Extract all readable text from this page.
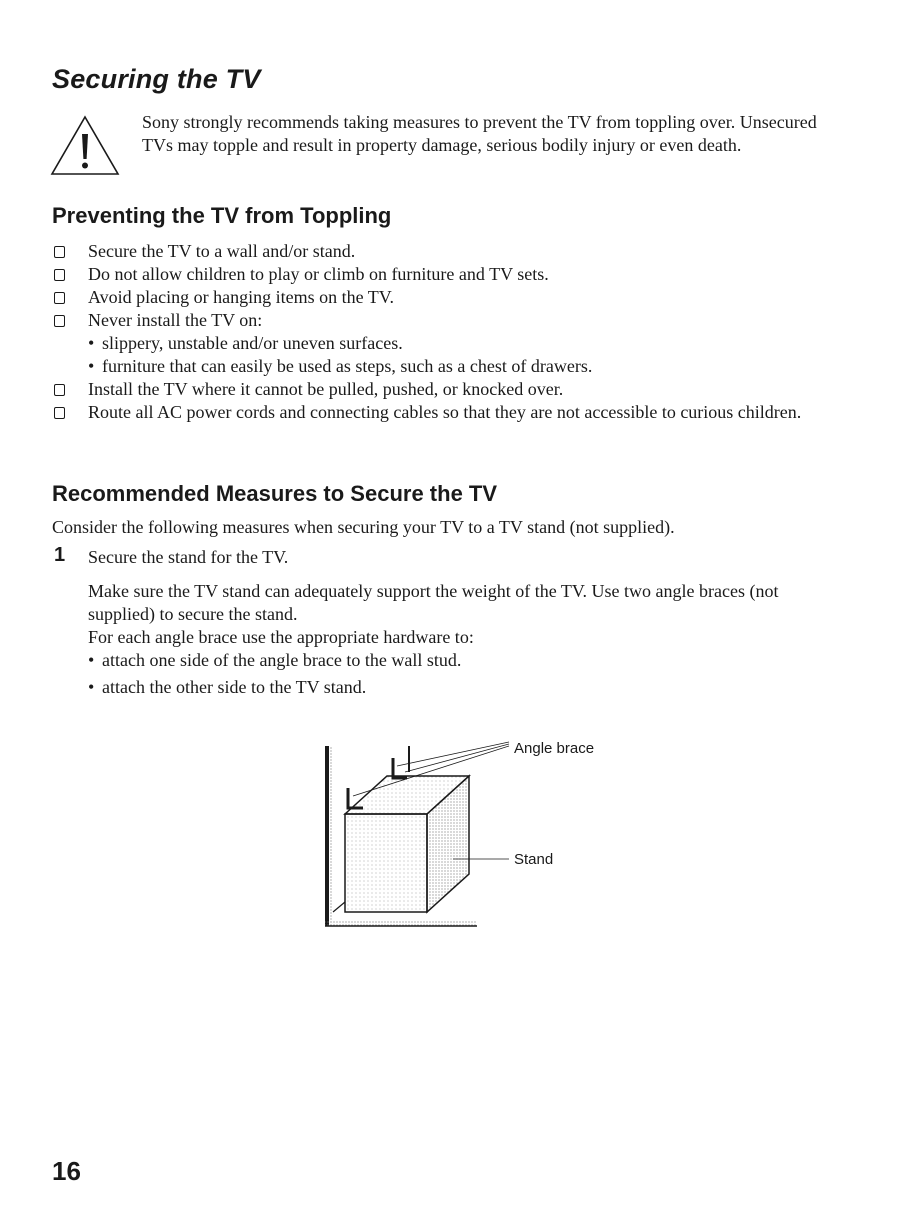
Securing the TV

Sony strongly recommends taking measures to prevent the TV from toppling over. Unsecured TVs may topple and result in property damage, serious bodily injury or even death.

Preventing the TV from Toppling
Secure the TV to a wall and/or stand.
Do not allow children to play or climb on furniture and TV sets.
Avoid placing or hanging items on the TV.
Never install the TV on:
• slippery, unstable and/or uneven surfaces.
• furniture that can easily be used as steps, such as a chest of drawers.
Install the TV where it cannot be pulled, pushed, or knocked over.
Route all AC power cords and connecting cables so that they are not accessible to curious children.
Recommended Measures to Secure the TV

Consider the following measures when securing your TV to a TV stand (not supplied).

1 Secure the stand for the TV.

Make sure the TV stand can adequately support the weight of the TV. Use two angle braces (not supplied) to secure the stand.

For each angle brace use the appropriate hardware to:

• attach one side of the angle brace to the wall stud.
• attach the other side to the TV stand.
Angle brace
Stand
16
